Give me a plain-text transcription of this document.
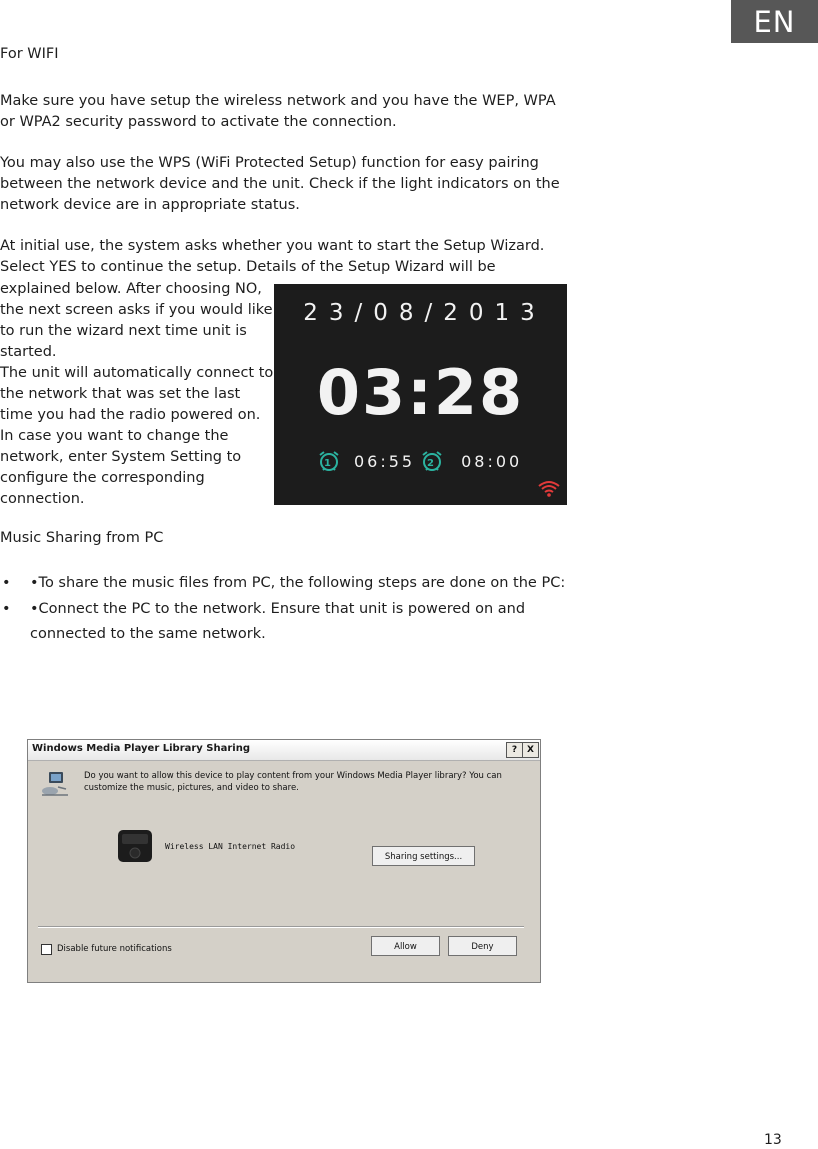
EN

For WIFI

Make sure you have setup the wireless network and you have the WEP, WPA or WPA2 security password to activate the connection.

You may also use the WPS (WiFi Protected Setup) function for easy pairing between the network device and the unit. Check if the light indicators on the network device are in appropriate status.

At initial use, the system asks whether you want to start the Setup Wizard. Select YES to continue the setup. Details of the Setup Wizard will be

explained below. After choosing NO, the next screen asks if you would like to run the wizard next time unit is started.
The unit will automatically connect to the network that was set the last time you had the radio powered on. In case you want to change the network, enter System Setting to configure the corresponding connection.
23/08/2013
03:28
1 06:55 2 08:00

Music Sharing from PC

• •To share the music files from PC, the following steps are done on the PC:
• •Connect the PC to the network. Ensure that unit is powered on and connected to the same network.
Windows Media Player Library Sharing	?	X
Do you want to allow this device to play content from your Windows Media Player library? You can customize the music, pictures, and video to share.
Wireless LAN Internet Radio
Sharing settings...
Disable future notifications	Allow	Deny
13
